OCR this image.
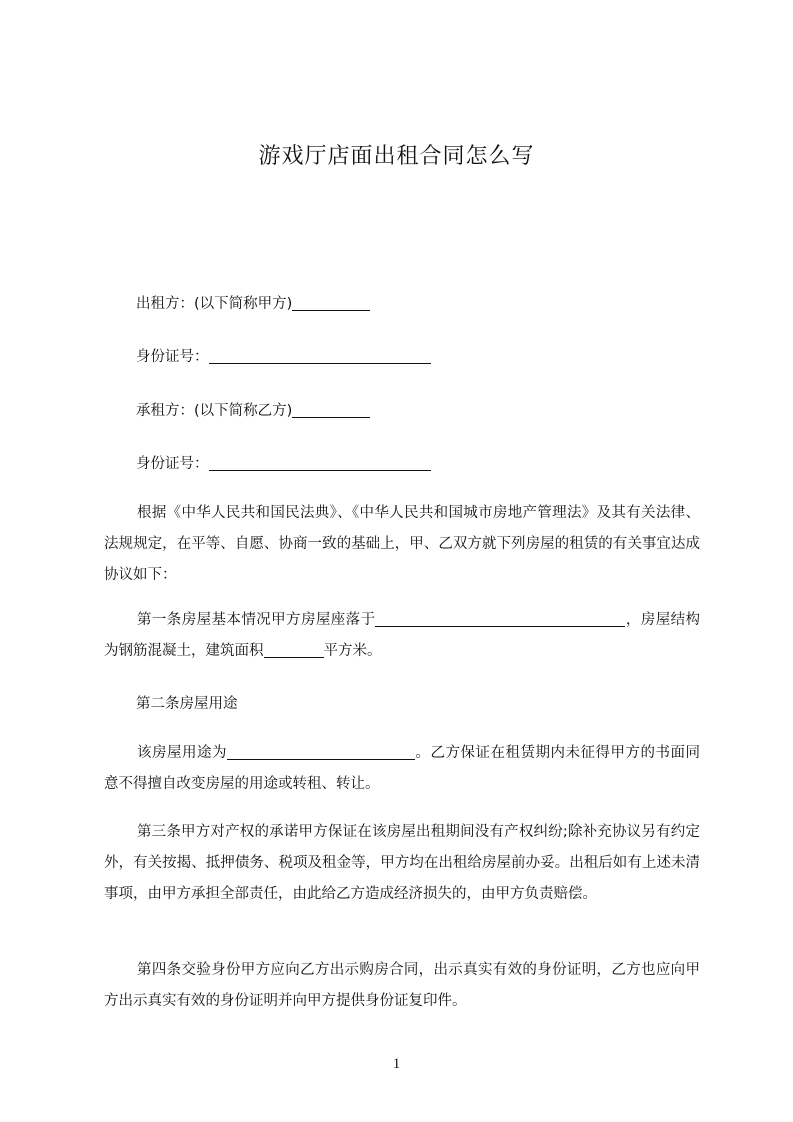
游戏厅店面出租合同怎么写
出租方：(以下简称甲方)
身份证号：
承租方：(以下简称乙方)
身份证号：
根据《中华人民共和国民法典》、《中华人民共和国城市房地产管理法》及其有关法律、法规规定，在平等、自愿、协商一致的基础上，甲、乙双方就下列房屋的租赁的有关事宜达成协议如下：
第一条房屋基本情况甲方房屋座落于	，房屋结构为钢筋混凝土，建筑面积	平方米。
第二条房屋用途
该房屋用途为	。乙方保证在租赁期内未征得甲方的书面同意不得擅自改变房屋的用途或转租、转让。
第三条甲方对产权的承诺甲方保证在该房屋出租期间没有产权纠纷;除补充协议另有约定外，有关按揭、抵押债务、税项及租金等，甲方均在出租给房屋前办妥。出租后如有上述未清事项，由甲方承担全部责任，由此给乙方造成经济损失的，由甲方负责赔偿。
第四条交验身份甲方应向乙方出示购房合同，出示真实有效的身份证明，乙方也应向甲方出示真实有效的身份证明并向甲方提供身份证复印件。
1
